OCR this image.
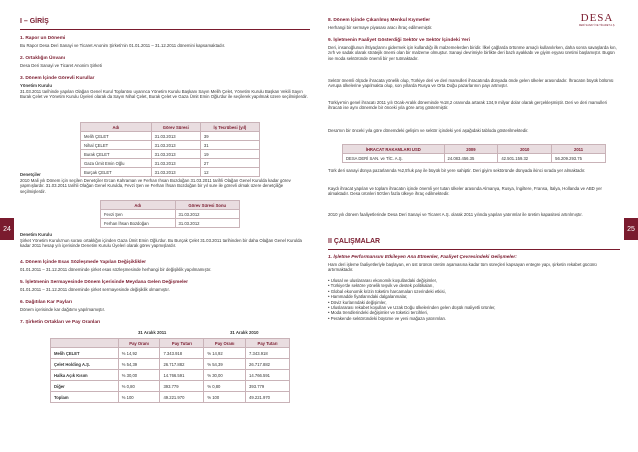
24	25
DESA
DERİ SANAYİ VE TİCARET A.Ş.

I – GİRİŞ

1. Rapor un Dönemi

Bu Rapor Desa Deri Sanayi ve Ticaret Anonim Şirketi'nin 01.01.2011 – 31.12.2011 dönemini kapsamaktadır.

2. Ortaklığın Ünvanı

Desa Deri Sanayi ve Ticaret Anonim Şirketi

3. Dönem İçinde Görevli Kurullar

Yönetim Kurulu

31.03.2011 tarihinde yapılan Olağan Genel Kurul Toplantısı uyarınca Yönetim Kurulu Başkanı Sayın Melih Çelet, Yönetim Kurulu Başkan Vekili Sayın Burak Çelet ve Yönetim Kurulu Üyeleri olarak da Sayın Nihal Çelet, Burak Çelet ve Gaza Ümit Emin Oğlu'dur ile seçilerek yapılmak üzere seçilmişlerdir.

Adı	Görev Süresi	İş Tecrübesi (yıl)
Melih ÇELET	31.03.2013	39
Nihal ÇELET	31.03.2013	31
Burak ÇELET	31.03.2013	19
Gaza Ümit Emin Oğlu	31.03.2013	27
Burçak ÇELET	31.03.2013	12

Denetçiler

2010 Mali yılı Dönem için seçilen Denetçiler Ercan Kahraman ve Ferhan Ihsan Bozdoğan 31.03.2011 tarihli Olağan Genel Kurulda kadar görev yapmışlardır. 31.03.2011 tarihli Olağan Genel Kurulda, Fevzi Şen ve Ferhan İhsan Bozdoğan bir yıl sure ile görevli olmak üzere denetçiliğe seçilmişlerdir.

Adı	Görev Süresi Sonu
Fevzi Şen	31.03.2012
Ferhan İhsan Bozdoğan	31.03.2012

Denetim Kurulu

Şirket Yönetim Kurulu'nun sorası ortaklığın içinden Gaza Ümit Emin Oğlu'dur. Bu Burçak Çelet 31.03.2011 tarihinden bir daha Olağan Genel Kurulda kadar 2011 hesap yılı içerisinde Denetim Kurulu Üyeleri olarak görev yapmışlardır.

4. Dönem İçinde Esas Sözleşmede Yapılan Değişiklikler

01.01.2011 – 31.12.2011 döneminde şirket esas sözleşmesinde herhangi bir değişiklik yapılmamıştır.

5. İşletmenin Sermayesinde Dönem İçerisinde Meydana Gelen Değişmeler

01.01.2011 – 31.12.2011 döneminde şirket sermayesinde değişiklik olmamıştır.

6. Dağıtılan Kar Payları

Dönem içerisinde kar dağıtımı yapılmamıştır.

7. Şirketin Ortakları ve Pay Oranları

31 Aralık 2011	31 Aralık 2010
	Pay Oranı	Pay Tutarı	Pay Oranı	Pay Tutarı
Melih ÇELET	% 14,92	7.343.918	% 14,92	7.343.918
Çelet Holding A.Ş.	% 54,39	26.717.882	% 54,39	26.717.882
Halka Açık Kısım	% 30,00	14.766.591	% 30,00	14.766.591
Diğer	% 0,80	393.779	% 0,80	393.779
Toplam	% 100	49.221.970	% 100	49.221.970

8. Dönem İçinde Çıkarılmış Menkul Kıymetler

Herhangi bir sermaye piyasası aracı ihraç edilmemiştir.

9. İşletmenin Faaliyet Gösterdiği Sektör ve Sektör İçindeki Yeri

Deri, insanoğlunun ihtiyaçlarını gidermek için kullandığı ilk malzemelerden biridir. İlkel çağlarda örtünme amaçlı kullanılırken, daha sonra savaşlarda kın, zırh ve sadak olarak stratejik önemi olan bir malzeme olmuştur. Sanayi devrimiyle birlikte deri bazlı ayakkabı ve giyim eşyası üretimi başlamıştır. Bugün ise moda sektöründe önemli bir yer tutmaktadır.

Sektör önemli ölçüde ihracata yönelik olup, Türkiye deri ve deri mamulleri ihracatında dünyada önde gelen ülkeler arasındadır. İhracatın büyük bölümü Avrupa ülkelerine yapılmakta olup, son yıllarda Rusya ve Orta Doğu pazarlarının payı artmıştır.

Türkiye'nin genel ihracatı 2011 yılı Ocak-Aralık döneminde %18,2 oranında artarak 134,9 milyar dolar olarak gerçekleşmiştir. Deri ve deri mamulleri ihracatı ise aynı dönemde bir önceki yıla göre artış göstermiştir.

Desa'nın bir önceki yıla göre dönemdeki gelişim ve sektör içindeki yeri aşağıdaki tabloda gösterilmektedir.

İHRACAT RAKAMLARI USD	2009	2010	2011
DESA DERİ SAN. ve TİC. A.Ş.	24.083.456.35	42.501.159.32	56.209.293.75

Türk deri sanayi dünya pazarlarında %2,5'luk pay ile büyük bir yere sahiptir. Deri giyim sektöründe dünyada ikinci sırada yer almaktadır.

Kaydı ihracat yapılan ve toplam ihracatın içinde önemli yer tutan ülkeler arasında Almanya, Rusya, İngiltere, Fransa, İtalya, Hollanda ve ABD yer almaktadır. Desa ürünleri 50'den fazla ülkeye ihraç edilmektedir.

2010 yılı dönem faaliyetlerinde Desa Deri Sanayi ve Ticaret A.Ş. olarak 2011 yılında yapılan yatırımlar ile üretim kapasitesi artırılmıştır.

II ÇALIŞMALAR

1. İşletme Performansını Etkileyen Ana Etmenler, Faaliyet Çevresindeki Gelişmeler:

Ham deri işleme faaliyetleriyle başlayan, en üst ürünün üretim aşamasına kadar tüm süreçleri kapsayan entegre yapı, şirketin rekabet gücünü artırmaktadır.

• Ulusal ve uluslararası ekonomik koşullardaki değişimler,

• Türkiye'de sektöre yönelik teşvik ve destek politikaları,

• Global ekonomik krizin tüketim harcamaları üzerindeki etkisi,

• Hammadde fiyatlarındaki dalgalanmalar,

• Döviz kurlarındaki değişimler,

• Uluslararası rekabet koşulları ve Uzak Doğu ülkelerinden gelen düşük maliyetli ürünler,

• Moda trendlerindeki değişimler ve tüketici tercihleri,

• Perakende sektöründeki büyüme ve yeni mağaza yatırımları.
